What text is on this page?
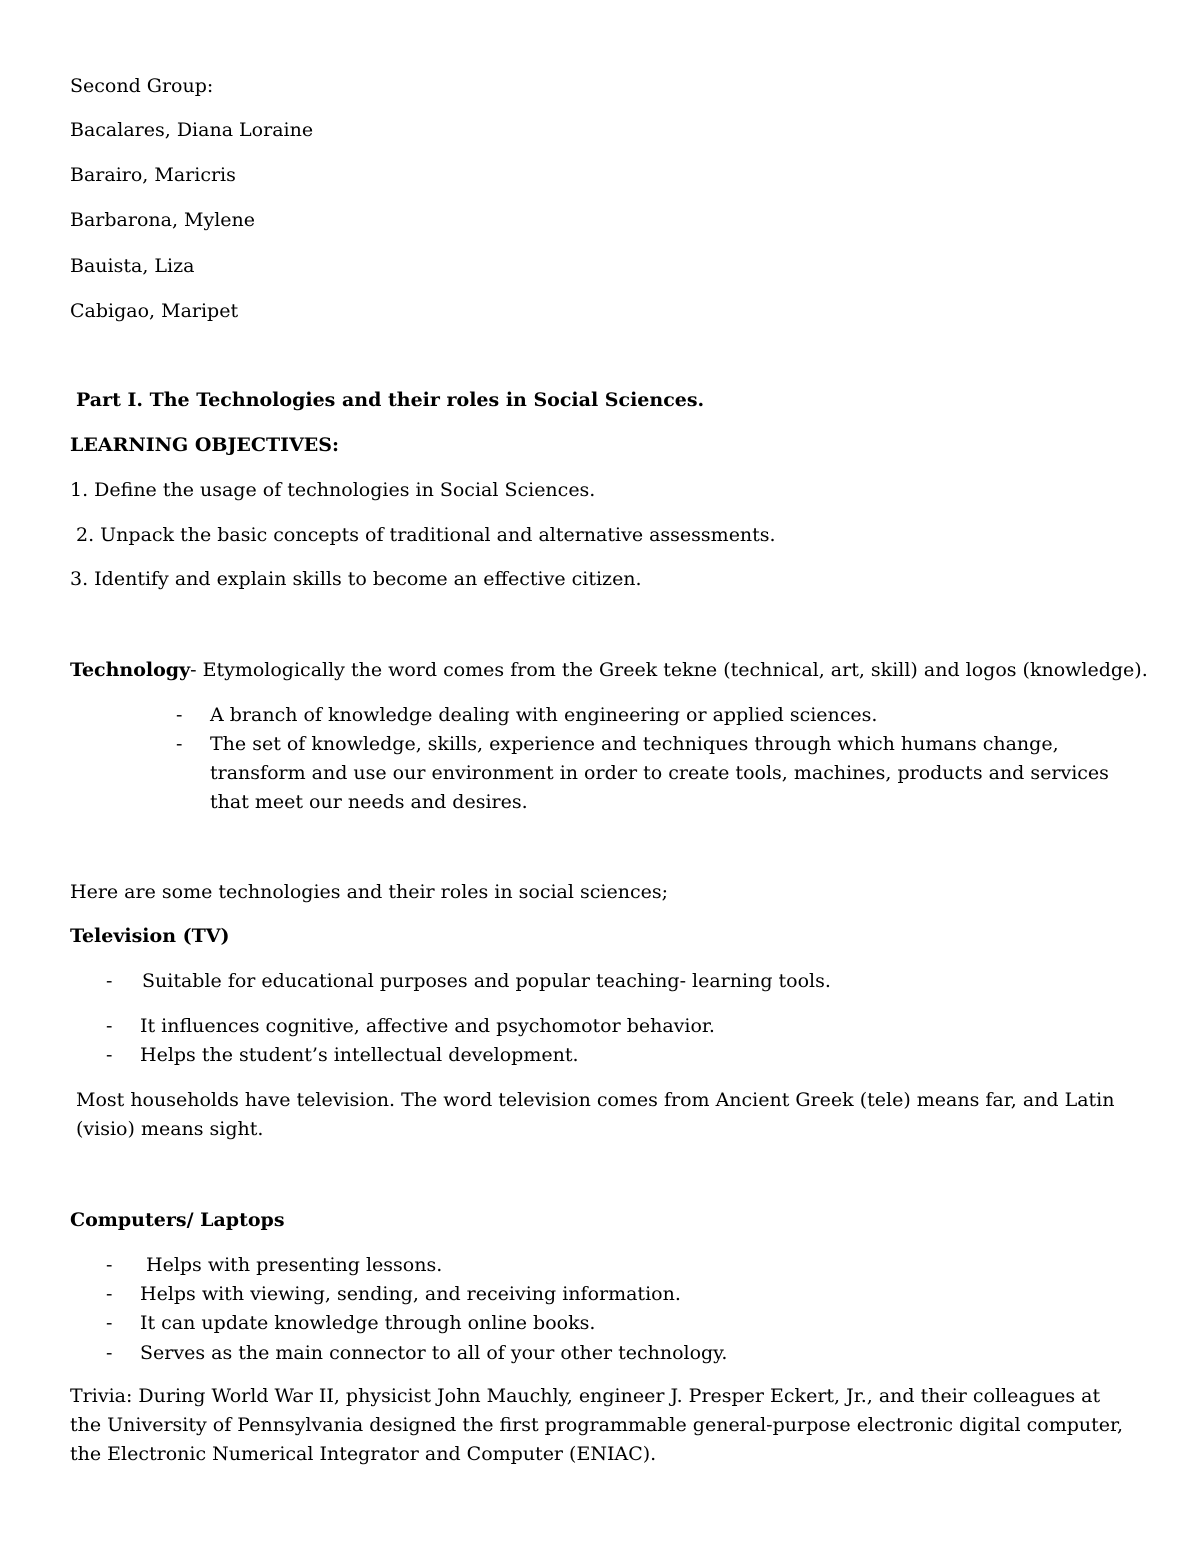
Second Group:
Bacalares, Diana Loraine
Barairo, Maricris
Barbarona, Mylene
Bauista, Liza
Cabigao, Maripet
Part I. The Technologies and their roles in Social Sciences.
LEARNING OBJECTIVES:
1. Define the usage of technologies in Social Sciences.
2. Unpack the basic concepts of traditional and alternative assessments.
3. Identify and explain skills to become an effective citizen.
Technology- Etymologically the word comes from the Greek tekne (technical, art, skill) and logos (knowledge).
- A branch of knowledge dealing with engineering or applied sciences.
- The set of knowledge, skills, experience and techniques through which humans change, transform and use our environment in order to create tools, machines, products and services that meet our needs and desires.
Here are some technologies and their roles in social sciences;
Television (TV)
- Suitable for educational purposes and popular teaching- learning tools.
- It influences cognitive, affective and psychomotor behavior.
- Helps the student’s intellectual development.
Most households have television. The word television comes from Ancient Greek (tele) means far, and Latin (visio) means sight.
Computers/ Laptops
- Helps with presenting lessons.
- Helps with viewing, sending, and receiving information.
- It can update knowledge through online books.
- Serves as the main connector to all of your other technology.
Trivia: During World War II, physicist John Mauchly, engineer J. Presper Eckert, Jr., and their colleagues at the University of Pennsylvania designed the first programmable general-purpose electronic digital computer, the Electronic Numerical Integrator and Computer (ENIAC).
